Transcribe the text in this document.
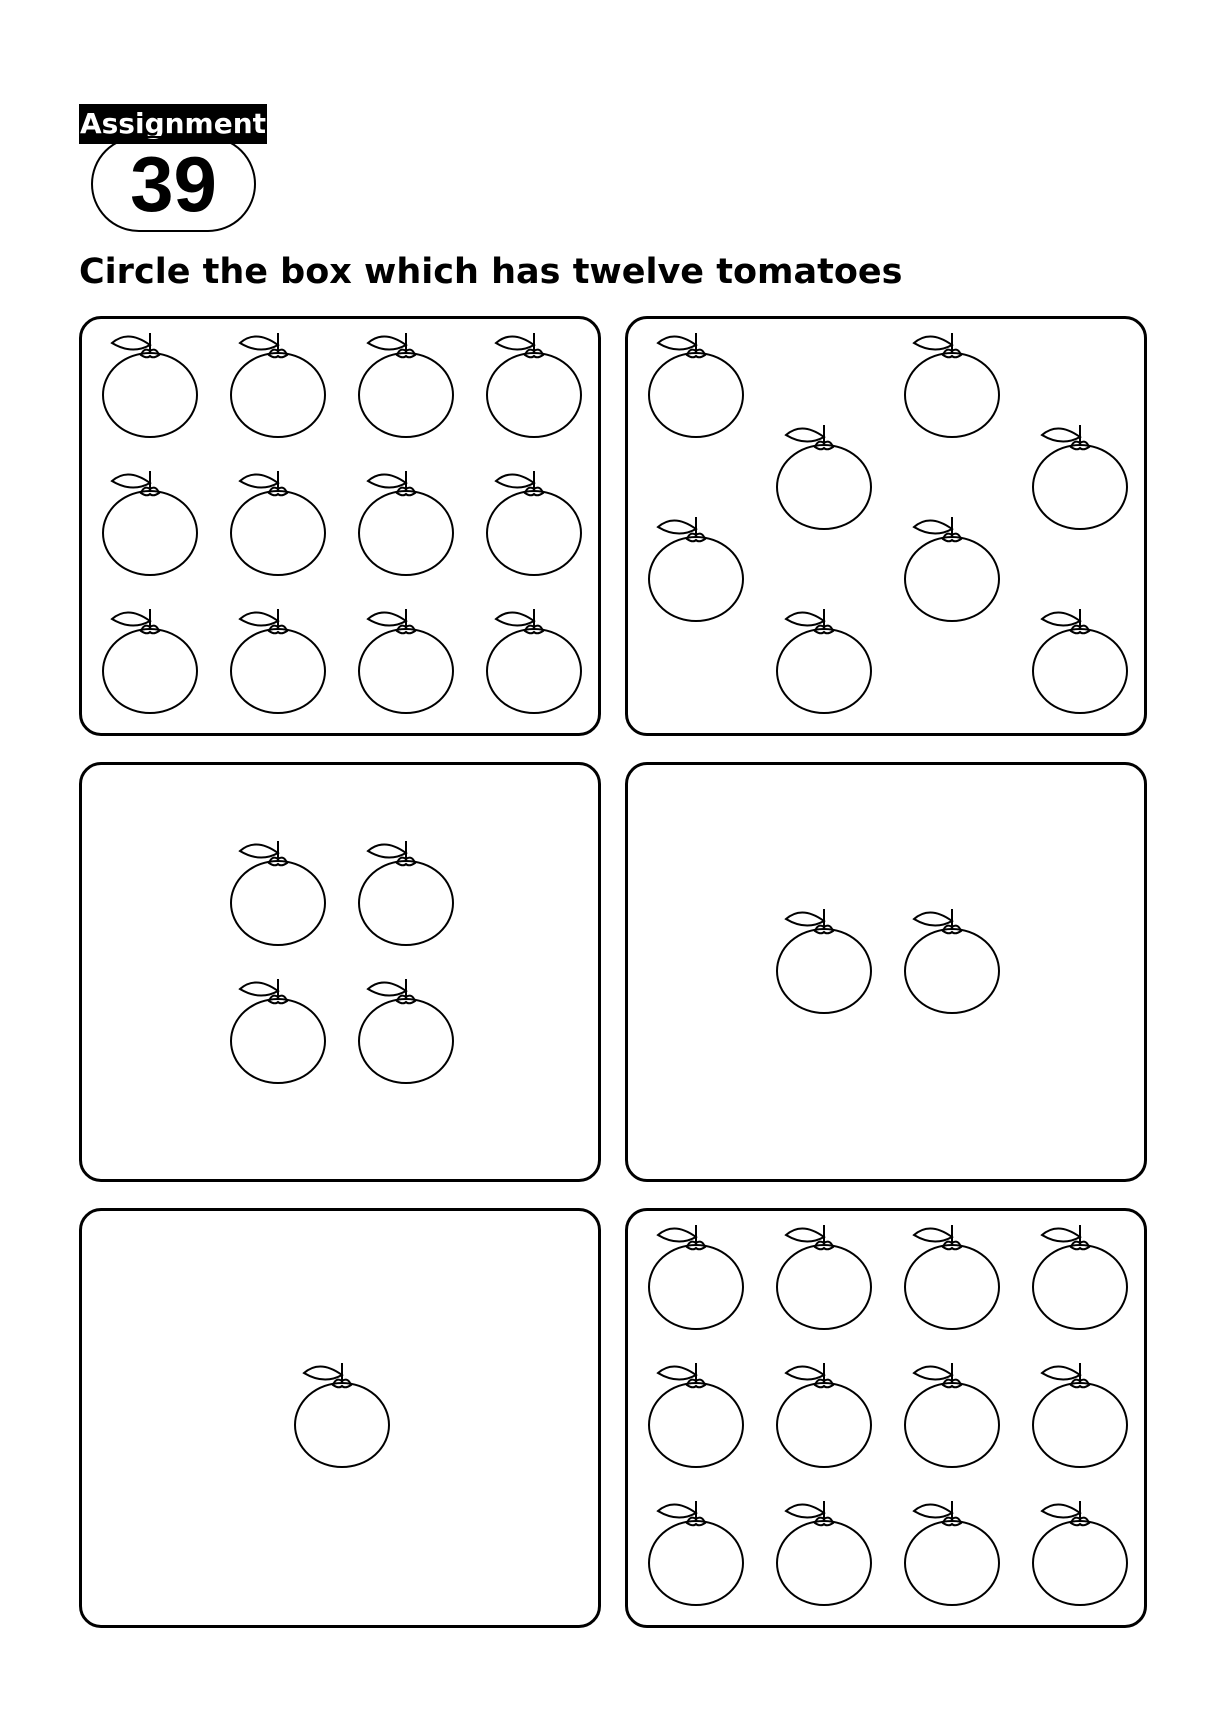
Assignment
39
Circle the box which has twelve tomatoes
